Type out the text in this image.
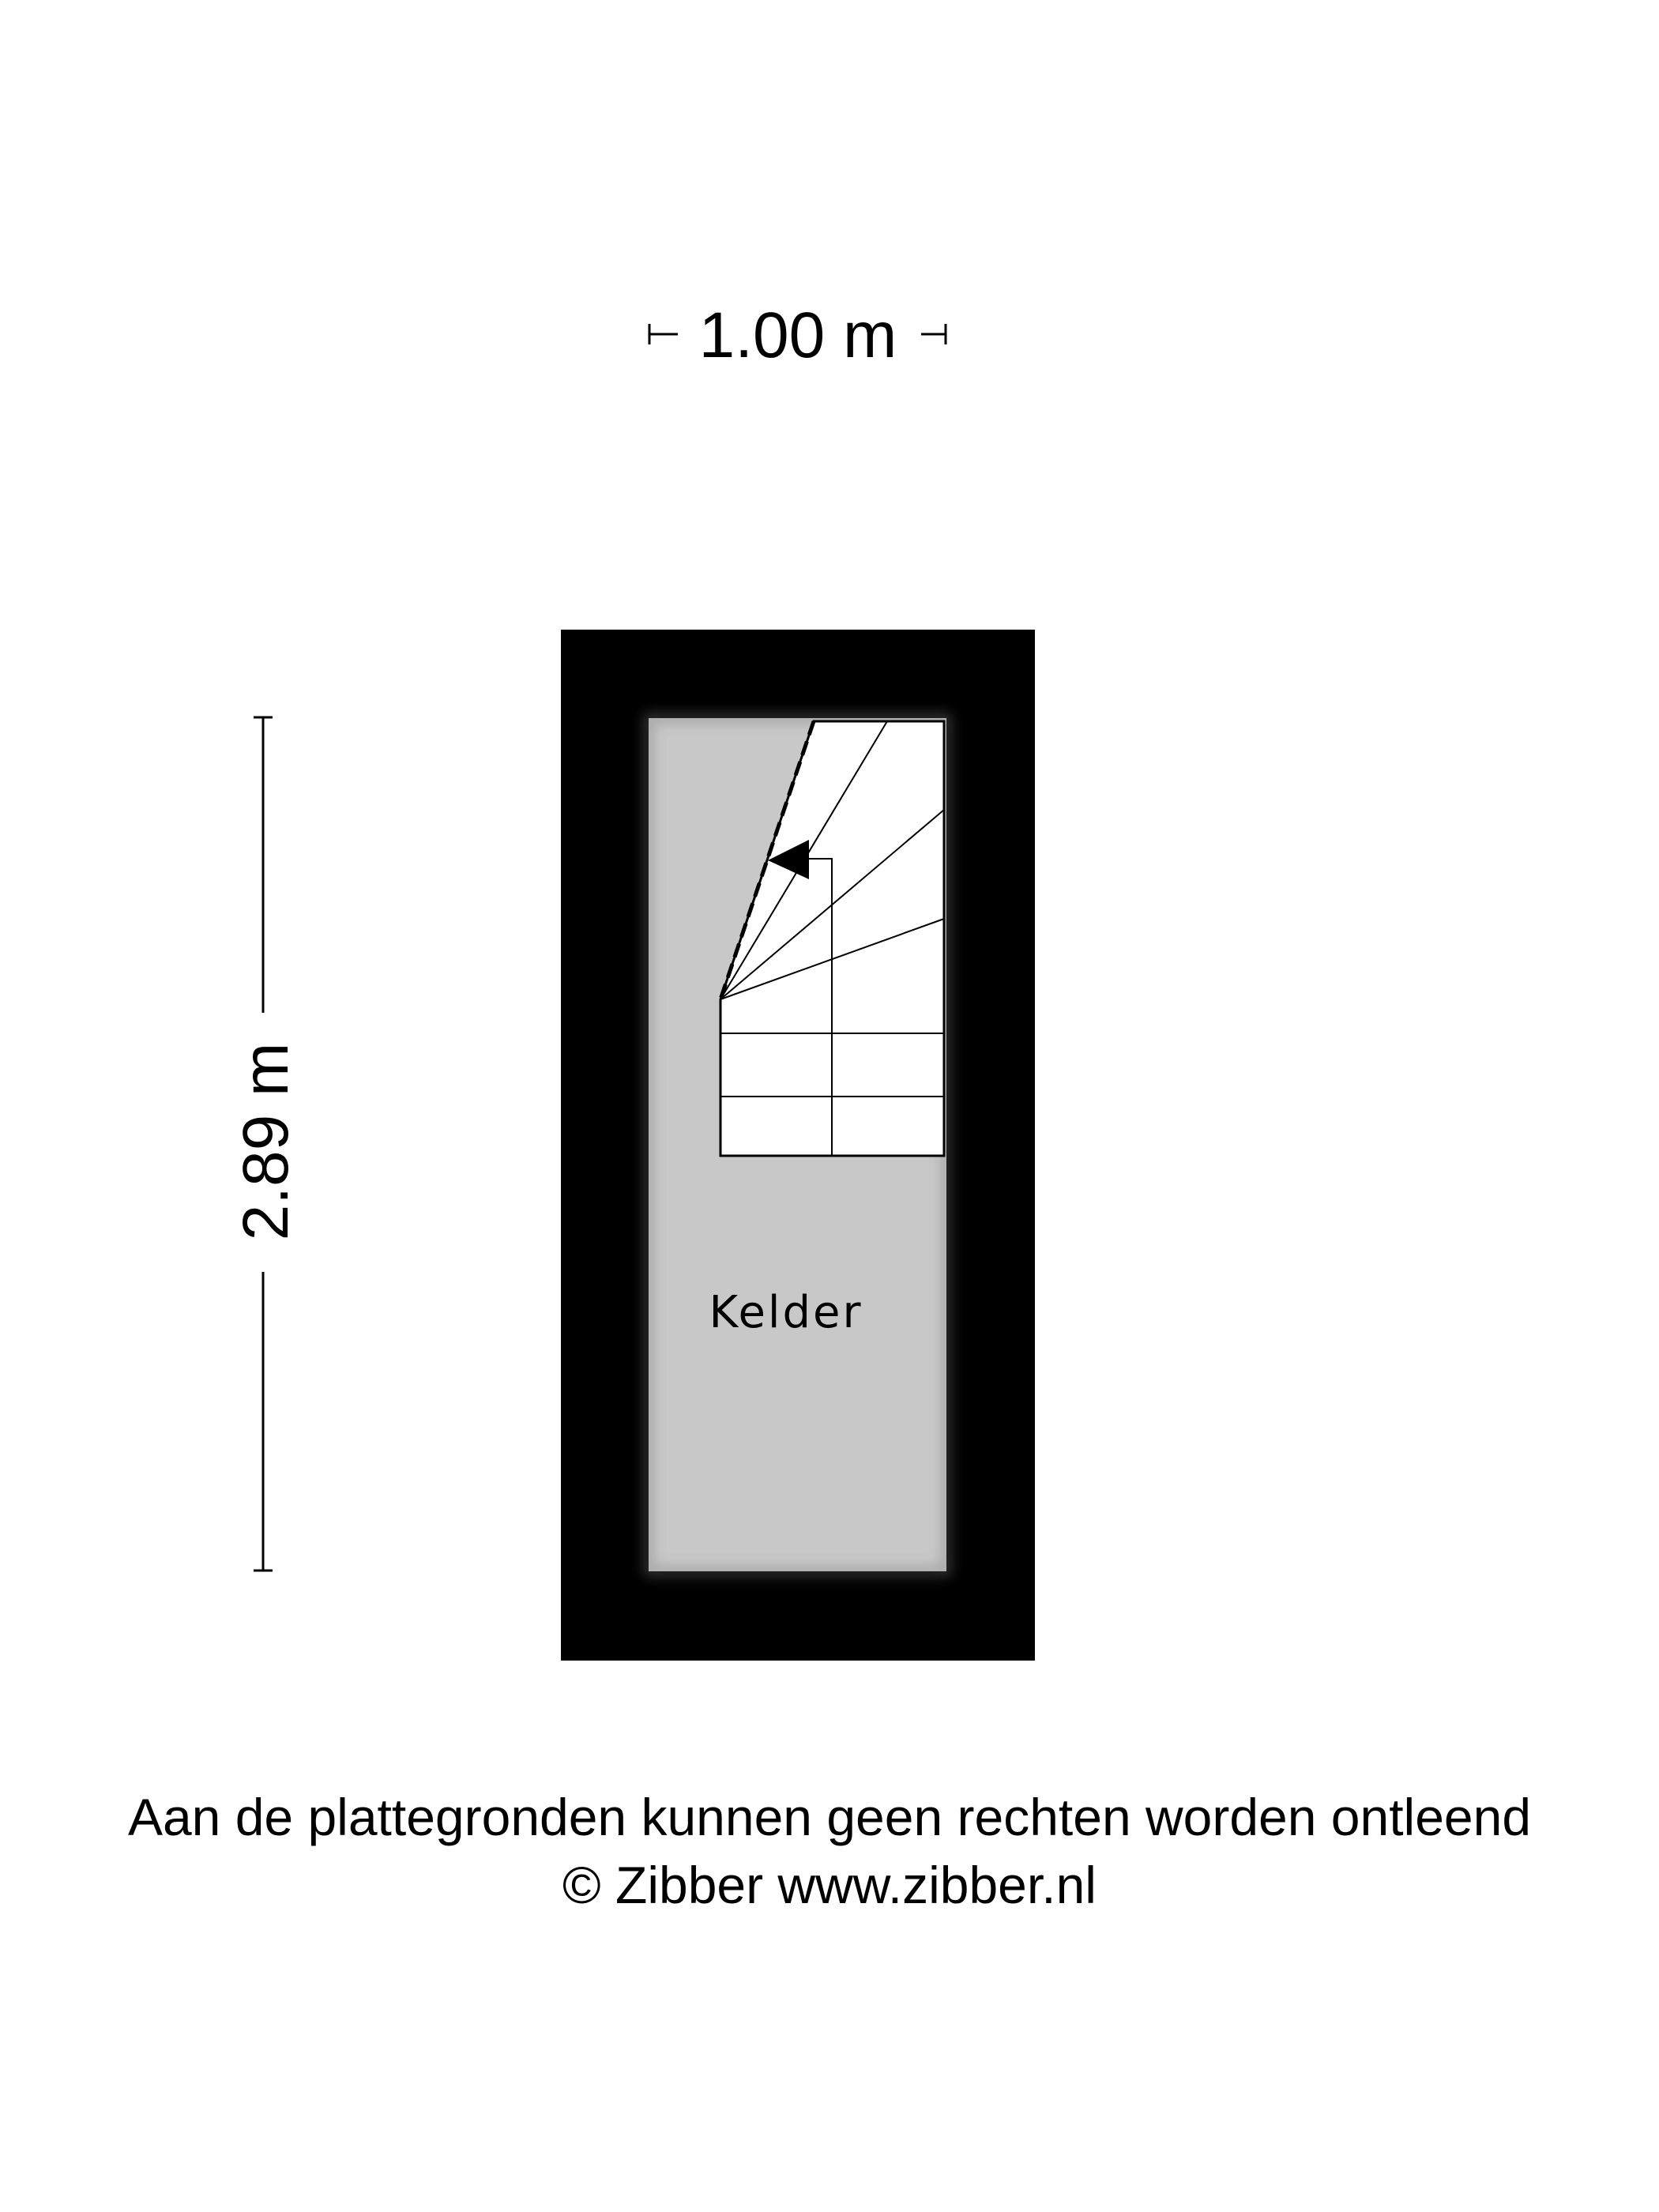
1.00 m
2.89 m
Kelder
Aan de plattegronden kunnen geen rechten worden ontleend
© Zibber www.zibber.nl
